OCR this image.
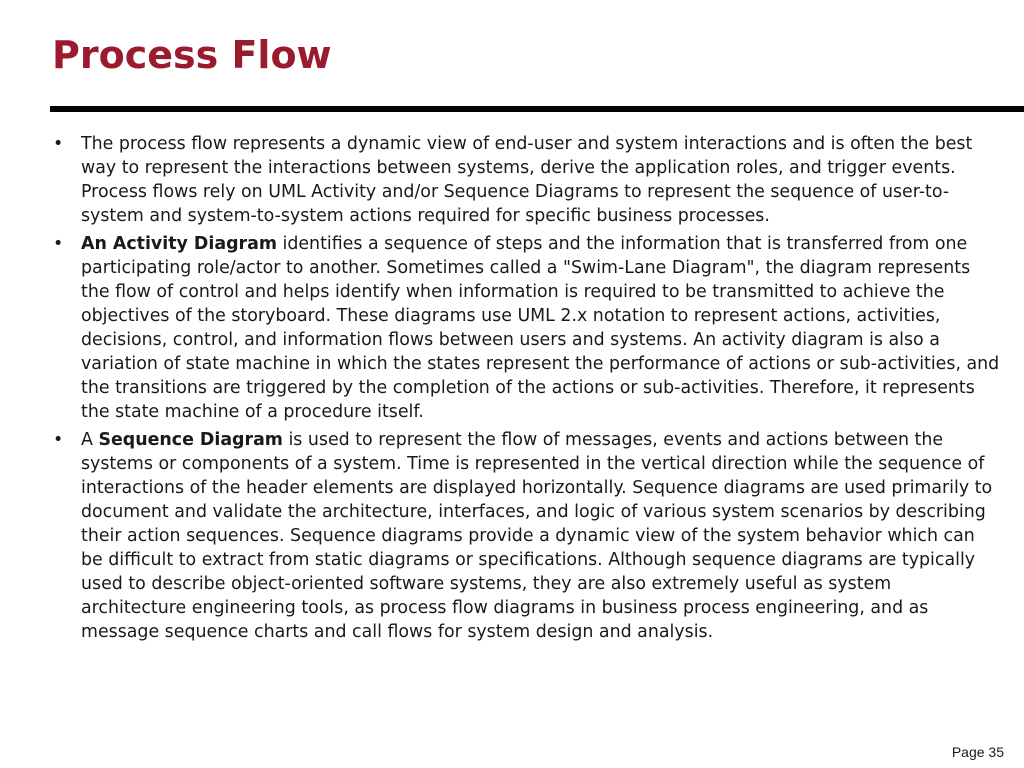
Process Flow
•	The process flow represents a dynamic view of end-user and system interactions and is often the best way to represent the interactions between systems, derive the application roles, and trigger events. Process flows rely on UML Activity and/or Sequence Diagrams to represent the sequence of user-to-system and system-to-system actions required for specific business processes.
•	An Activity Diagram identifies a sequence of steps and the information that is transferred from one participating role/actor to another. Sometimes called a "Swim-Lane Diagram", the diagram represents the flow of control and helps identify when information is required to be transmitted to achieve the objectives of the storyboard. These diagrams use UML 2.x notation to represent actions, activities, decisions, control, and information flows between users and systems. An activity diagram is also a variation of state machine in which the states represent the performance of actions or sub-activities, and the transitions are triggered by the completion of the actions or sub-activities. Therefore, it represents the state machine of a procedure itself.
•	A Sequence Diagram is used to represent the flow of messages, events and actions between the systems or components of a system. Time is represented in the vertical direction while the sequence of interactions of the header elements are displayed horizontally. Sequence diagrams are used primarily to document and validate the architecture, interfaces, and logic of various system scenarios by describing their action sequences. Sequence diagrams provide a dynamic view of the system behavior which can be difficult to extract from static diagrams or specifications. Although sequence diagrams are typically used to describe object-oriented software systems, they are also extremely useful as system architecture engineering tools, as process flow diagrams in business process engineering, and as message sequence charts and call flows for system design and analysis.
Page 35
